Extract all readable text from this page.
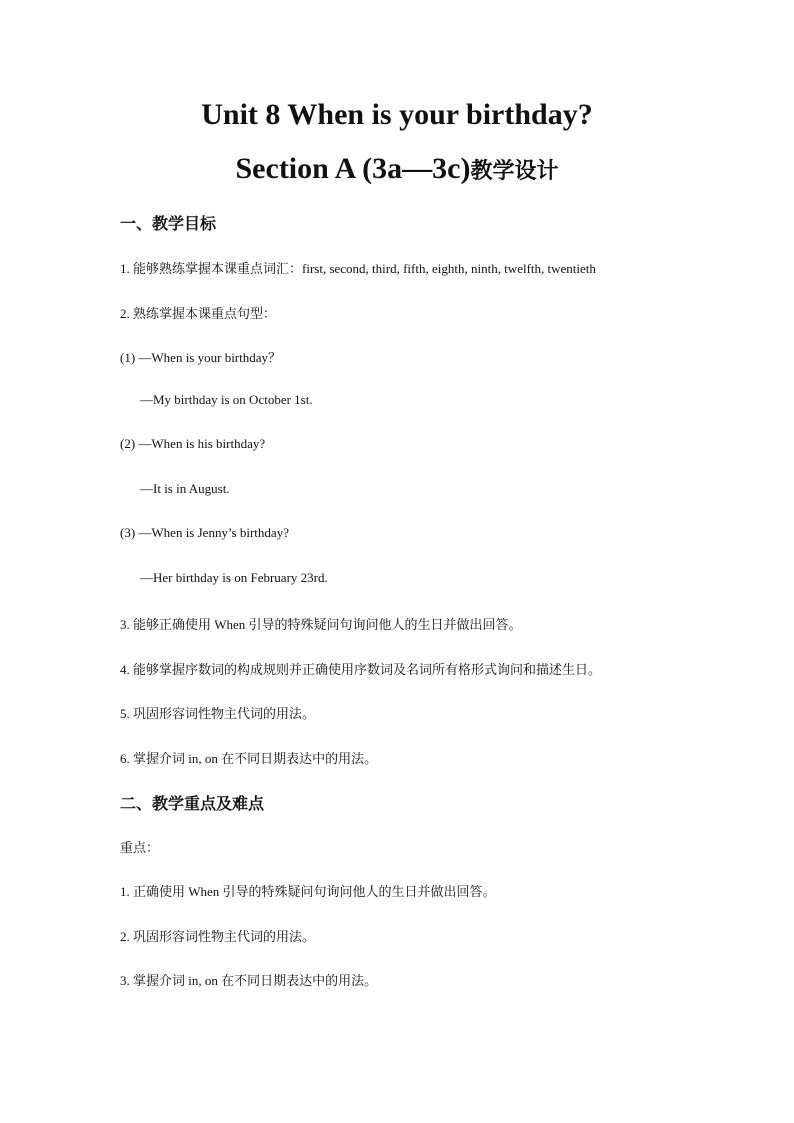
Unit 8 When is your birthday?
Section A (3a—3c)教学设计
一、教学目标
1. 能够熟练掌握本课重点词汇：first, second, third, fifth, eighth, ninth, twelfth, twentieth
2. 熟练掌握本课重点句型：
(1) —When is your birthday？
—My birthday is on October 1st.
(2) —When is his birthday?
—It is in August.
(3) —When is Jenny’s birthday?
—Her birthday is on February 23rd.
3. 能够正确使用 When 引导的特殊疑问句询问他人的生日并做出回答。
4. 能够掌握序数词的构成规则并正确使用序数词及名词所有格形式询问和描述生日。
5. 巩固形容词性物主代词的用法。
6. 掌握介词 in, on 在不同日期表达中的用法。
二、教学重点及难点
重点：
1. 正确使用 When 引导的特殊疑问句询问他人的生日并做出回答。
2. 巩固形容词性物主代词的用法。
3. 掌握介词 in, on 在不同日期表达中的用法。
